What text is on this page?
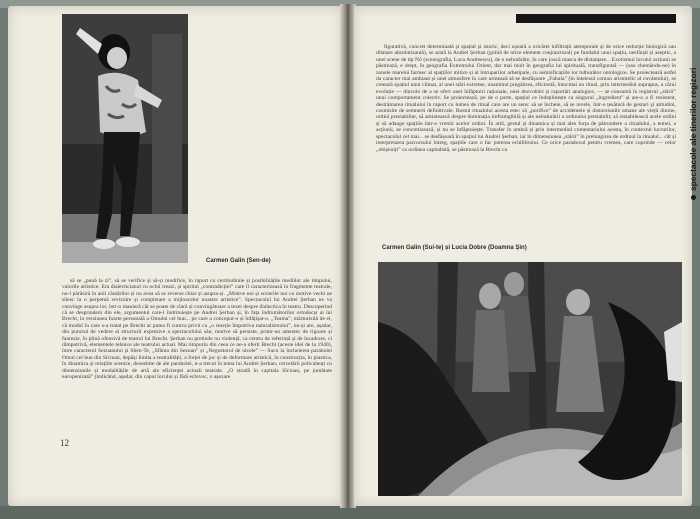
Carmen Galin (Sen-de)

să se „pună la zi”, să se verifice și să-și modifice, în raport cu certitudinile și posibilitățile mediilor ale timpului, valorile artistice. Era dialecticianul cu ochii treazi, și spiritul „contradicției” care îl caracterizează în fragmente teatrale, nu-l părăsiră în anii căutărilor și nu avea să se reverse chiar și asupra-și. „Motive noi și scrierile noi cu motive vechi ne silesc la o perpetuă revizuire și completare a mijloacelor noastre artistice”. Spectacolul lui Andrei Șerban ne va convinge asupra lor, într-o manieră cât se poate de clară și convingătoare a tezei despre dialectica în teatru. Descoperind că se desprindem din ele, argumentul care-l îndrituiește pe Andrei Șerban și, în fața îndrumătorilor ortodocși ai lui Brecht, la versiunea foarte personală a Omului cel bun... pe care a conceput-o și înfățișat-o. „Teama”, mărturisită de el, că modul în care s-a tratat pe Brecht ar putea fi cumva privit ca „o reacție împotriva naturalismului”, nu-și are, așadar, din punctul de vedere al structurii expresive a spectacolului său, motive să persiste, printr-un amestec de rigoare și fantezie, în plină ofensivă de teatrul lui Brecht. Șerban nu pretinde nu violență, ca centru de referință și de încadrare, ci dimpotrivă, elementele tehnice ale teatrului actual. Mai timpuriu din ceea ce ne-a oferit Brecht (aceste idei de la 1940), între caracterul Sezuanului și Shen-Te, „Sfânta din Sezuan” și „Negustorul de ulcele” — Sucu la încheierea parabolei Omul cel bun din Sîciuan, depăși limita a teatralității, a forței de joc și de deformare artistică, în construcția, în plastica, în dinamica și relațiile scenice, deosebite de ale parabolei, n-a trecut în tema lui Andrei Șerban; cercetării polivalenți cu dimensiunile și modalitățile de artă ale eficienței actuali teatrale. „O stradă în capitala Sîciuan, pe jumătate europenizată” (indicând, așadar, din capul locului și fără echivoc, o așezare

12
spectacole ale tinerilor regizori

figurativă, concret determinată și spațial și istoric, deci ușoară a oricărei infiltrații atemporale și de orice reducție biologică sau dilatare absolutizantă), se arată la Andrei Șerban (golită de orice element conjunctural) pe fundalul unui spațiu, nesfârșit și aseptic, a unei scene de tip Nô (scenografia, Luca Andreescu), de o nehotărâre, în care joacă masca de distanțare... Exotismul locului acțiunii se păstrează, e drept, în geografia Extremului Orient, dar mai mult în geografia lui spirituală, transfigurată — (sau chemându-ne) în zonele marelui farmec al spațiilor mitice și al întruparilor arhetipale, cu semnificațiile lor tulburător ontologice. Se proiectează astfel da caracter mai ambiant și unei atmosfere în care urmează să se desfășoare „Fabula” (în întelesul comun aristotelic al cuvântului), se creează spațiul unui climat, al unei stări extreme, unanimul pregătirea, eficientă, întocmai un ritual, prin intermediul suprapus, a cărui evoluție — dincolo de a se oferi unei înfăptuiri raționale, unei dezvoltări și raportări analogice, — se consumă în registrul „stării” unui comportament colectiv. Se proiectează, pe de o parte, spațiul ce îndeplinește ca singurul „ingredient” și are-o a fi rezistent, destrămarea ritualului în raport cu lumea de ritual care are un sens: să se încheie, să se revele, într-o țesătură de gesturi și atitudini, cosmisite de semnerii definitivale. Rostul ritualului acesta este: să „purifice” de accidentele și distorsiunile umane ale vieții diurne, ordini prestabilite, să amintească despre dominația ireframgibilă și ale neîndurării a ordinului prestabilit; să restabilească acele ordini și să adauge spațiile într-o vremii acelor ordini. În artă, gestul și dinamica și mai ales forța de pătrundere a ritualului, a temei, a acțiunii, se concretizează, și nu se înfăptuiește. Transfer în umbră și prin intermediul comentariului acesta, în contextul lucrurilor, spectacolul cel mai... se desfășoară în spațiul lui Andrei Șerban, iar în dimensiunea „stării” în prelungirea de ordinul la ritualul... cât și interpretarea parcursului întreg, spațiile care o fac puterea echilibrului. Ce orice paradoxul pentru vremea, care cuprinde — celor „obișnuiți” ca ordinea capitalistă, se păstrează la Brecht cu

Carmen Galin (Sui-te) și Lucia Dobre (Doamna Șin)
